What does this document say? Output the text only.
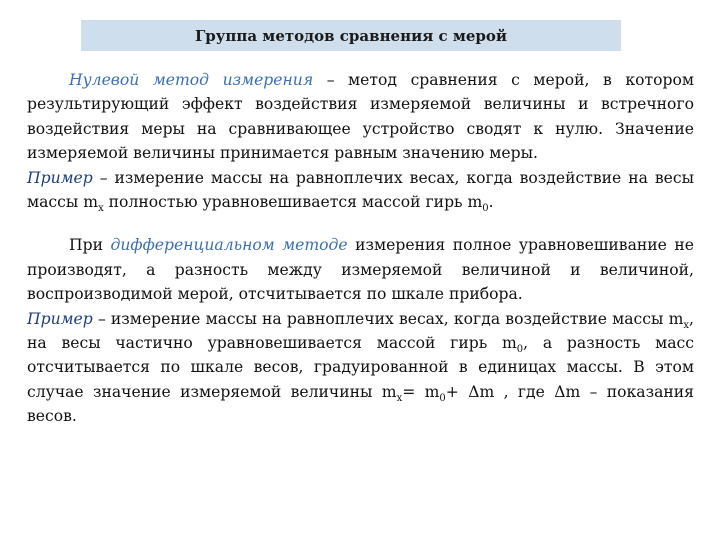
Группа методов сравнения с мерой

Нулевой метод измерения – метод сравнения с мерой, в котором результирующий эффект воздействия измеряемой величины и встречного воздействия меры на сравнивающее устройство сводят к нулю. Значение измеряемой величины принимается равным значению меры.

Пример – измерение массы на равноплечих весах, когда воздействие на весы массы $m_x$ полностью уравновешивается массой гирь $m_0$.

При дифференциальном методе измерения полное уравновешивание не производят, а разность между измеряемой величиной и величиной, воспроизводимой мерой, отсчитывается по шкале прибора.

Пример – измерение массы на равноплечих весах, когда воздействие массы $m_x$, на весы частично уравновешивается массой гирь $m_0$, а разность масс отсчитывается по шкале весов, градуированной в единицах массы. В этом случае значение измеряемой величины $m_x= m_0+ \Delta m$ , где Δm – показания весов.
